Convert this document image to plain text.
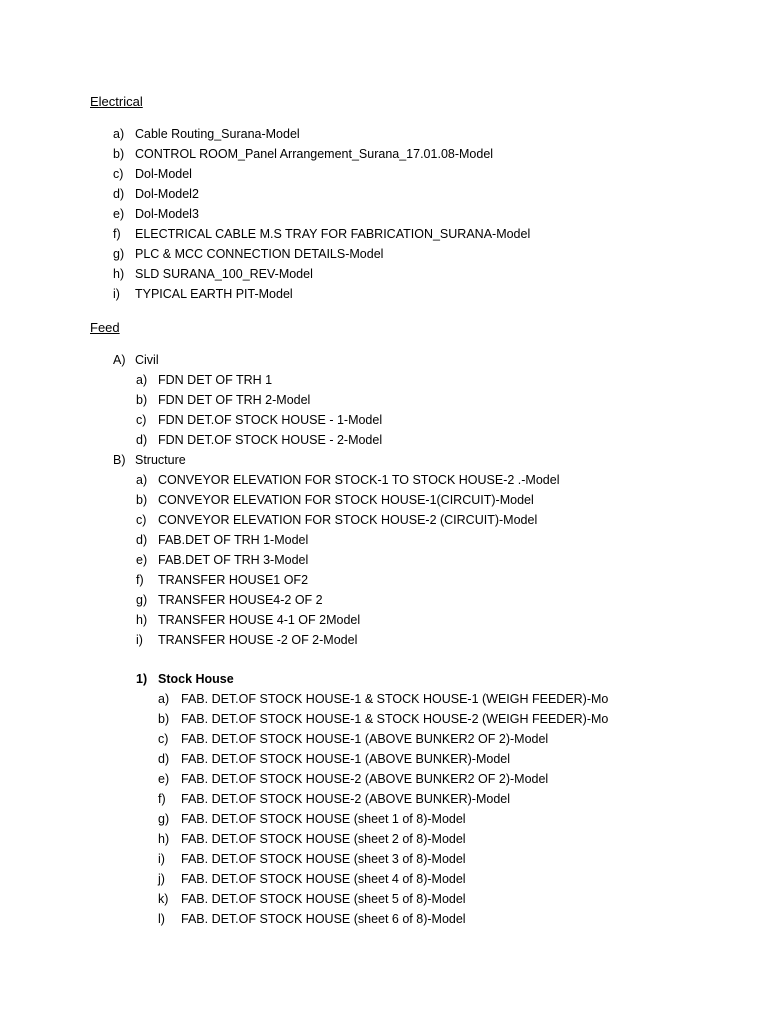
Electrical
a) Cable Routing_Surana-Model
b) CONTROL ROOM_Panel Arrangement_Surana_17.01.08-Model
c) Dol-Model
d) Dol-Model2
e) Dol-Model3
f) ELECTRICAL CABLE M.S TRAY FOR FABRICATION_SURANA-Model
g) PLC & MCC CONNECTION DETAILS-Model
h) SLD SURANA_100_REV-Model
i) TYPICAL EARTH PIT-Model
Feed
A) Civil
a) FDN DET OF TRH 1
b) FDN DET OF TRH 2-Model
c) FDN DET.OF STOCK HOUSE - 1-Model
d) FDN DET.OF STOCK HOUSE - 2-Model
B) Structure
a) CONVEYOR ELEVATION FOR STOCK-1 TO STOCK HOUSE-2 .-Model
b) CONVEYOR ELEVATION FOR STOCK HOUSE-1(CIRCUIT)-Model
c) CONVEYOR ELEVATION FOR STOCK HOUSE-2 (CIRCUIT)-Model
d) FAB.DET OF TRH 1-Model
e) FAB.DET OF TRH 3-Model
f) TRANSFER HOUSE1 OF2
g) TRANSFER HOUSE4-2 OF 2
h) TRANSFER HOUSE 4-1 OF 2Model
i) TRANSFER HOUSE -2 OF 2-Model
1) Stock House
a) FAB. DET.OF STOCK HOUSE-1 & STOCK HOUSE-1 (WEIGH FEEDER)-Mo
b) FAB. DET.OF STOCK HOUSE-1 & STOCK HOUSE-2 (WEIGH FEEDER)-Mo
c) FAB. DET.OF STOCK HOUSE-1 (ABOVE BUNKER2 OF 2)-Model
d) FAB. DET.OF STOCK HOUSE-1 (ABOVE BUNKER)-Model
e) FAB. DET.OF STOCK HOUSE-2 (ABOVE BUNKER2 OF 2)-Model
f) FAB. DET.OF STOCK HOUSE-2 (ABOVE BUNKER)-Model
g) FAB. DET.OF STOCK HOUSE (sheet 1 of 8)-Model
h) FAB. DET.OF STOCK HOUSE (sheet 2 of 8)-Model
i) FAB. DET.OF STOCK HOUSE (sheet 3 of 8)-Model
j) FAB. DET.OF STOCK HOUSE (sheet 4 of 8)-Model
k) FAB. DET.OF STOCK HOUSE (sheet 5 of 8)-Model
l) FAB. DET.OF STOCK HOUSE (sheet 6 of 8)-Model
